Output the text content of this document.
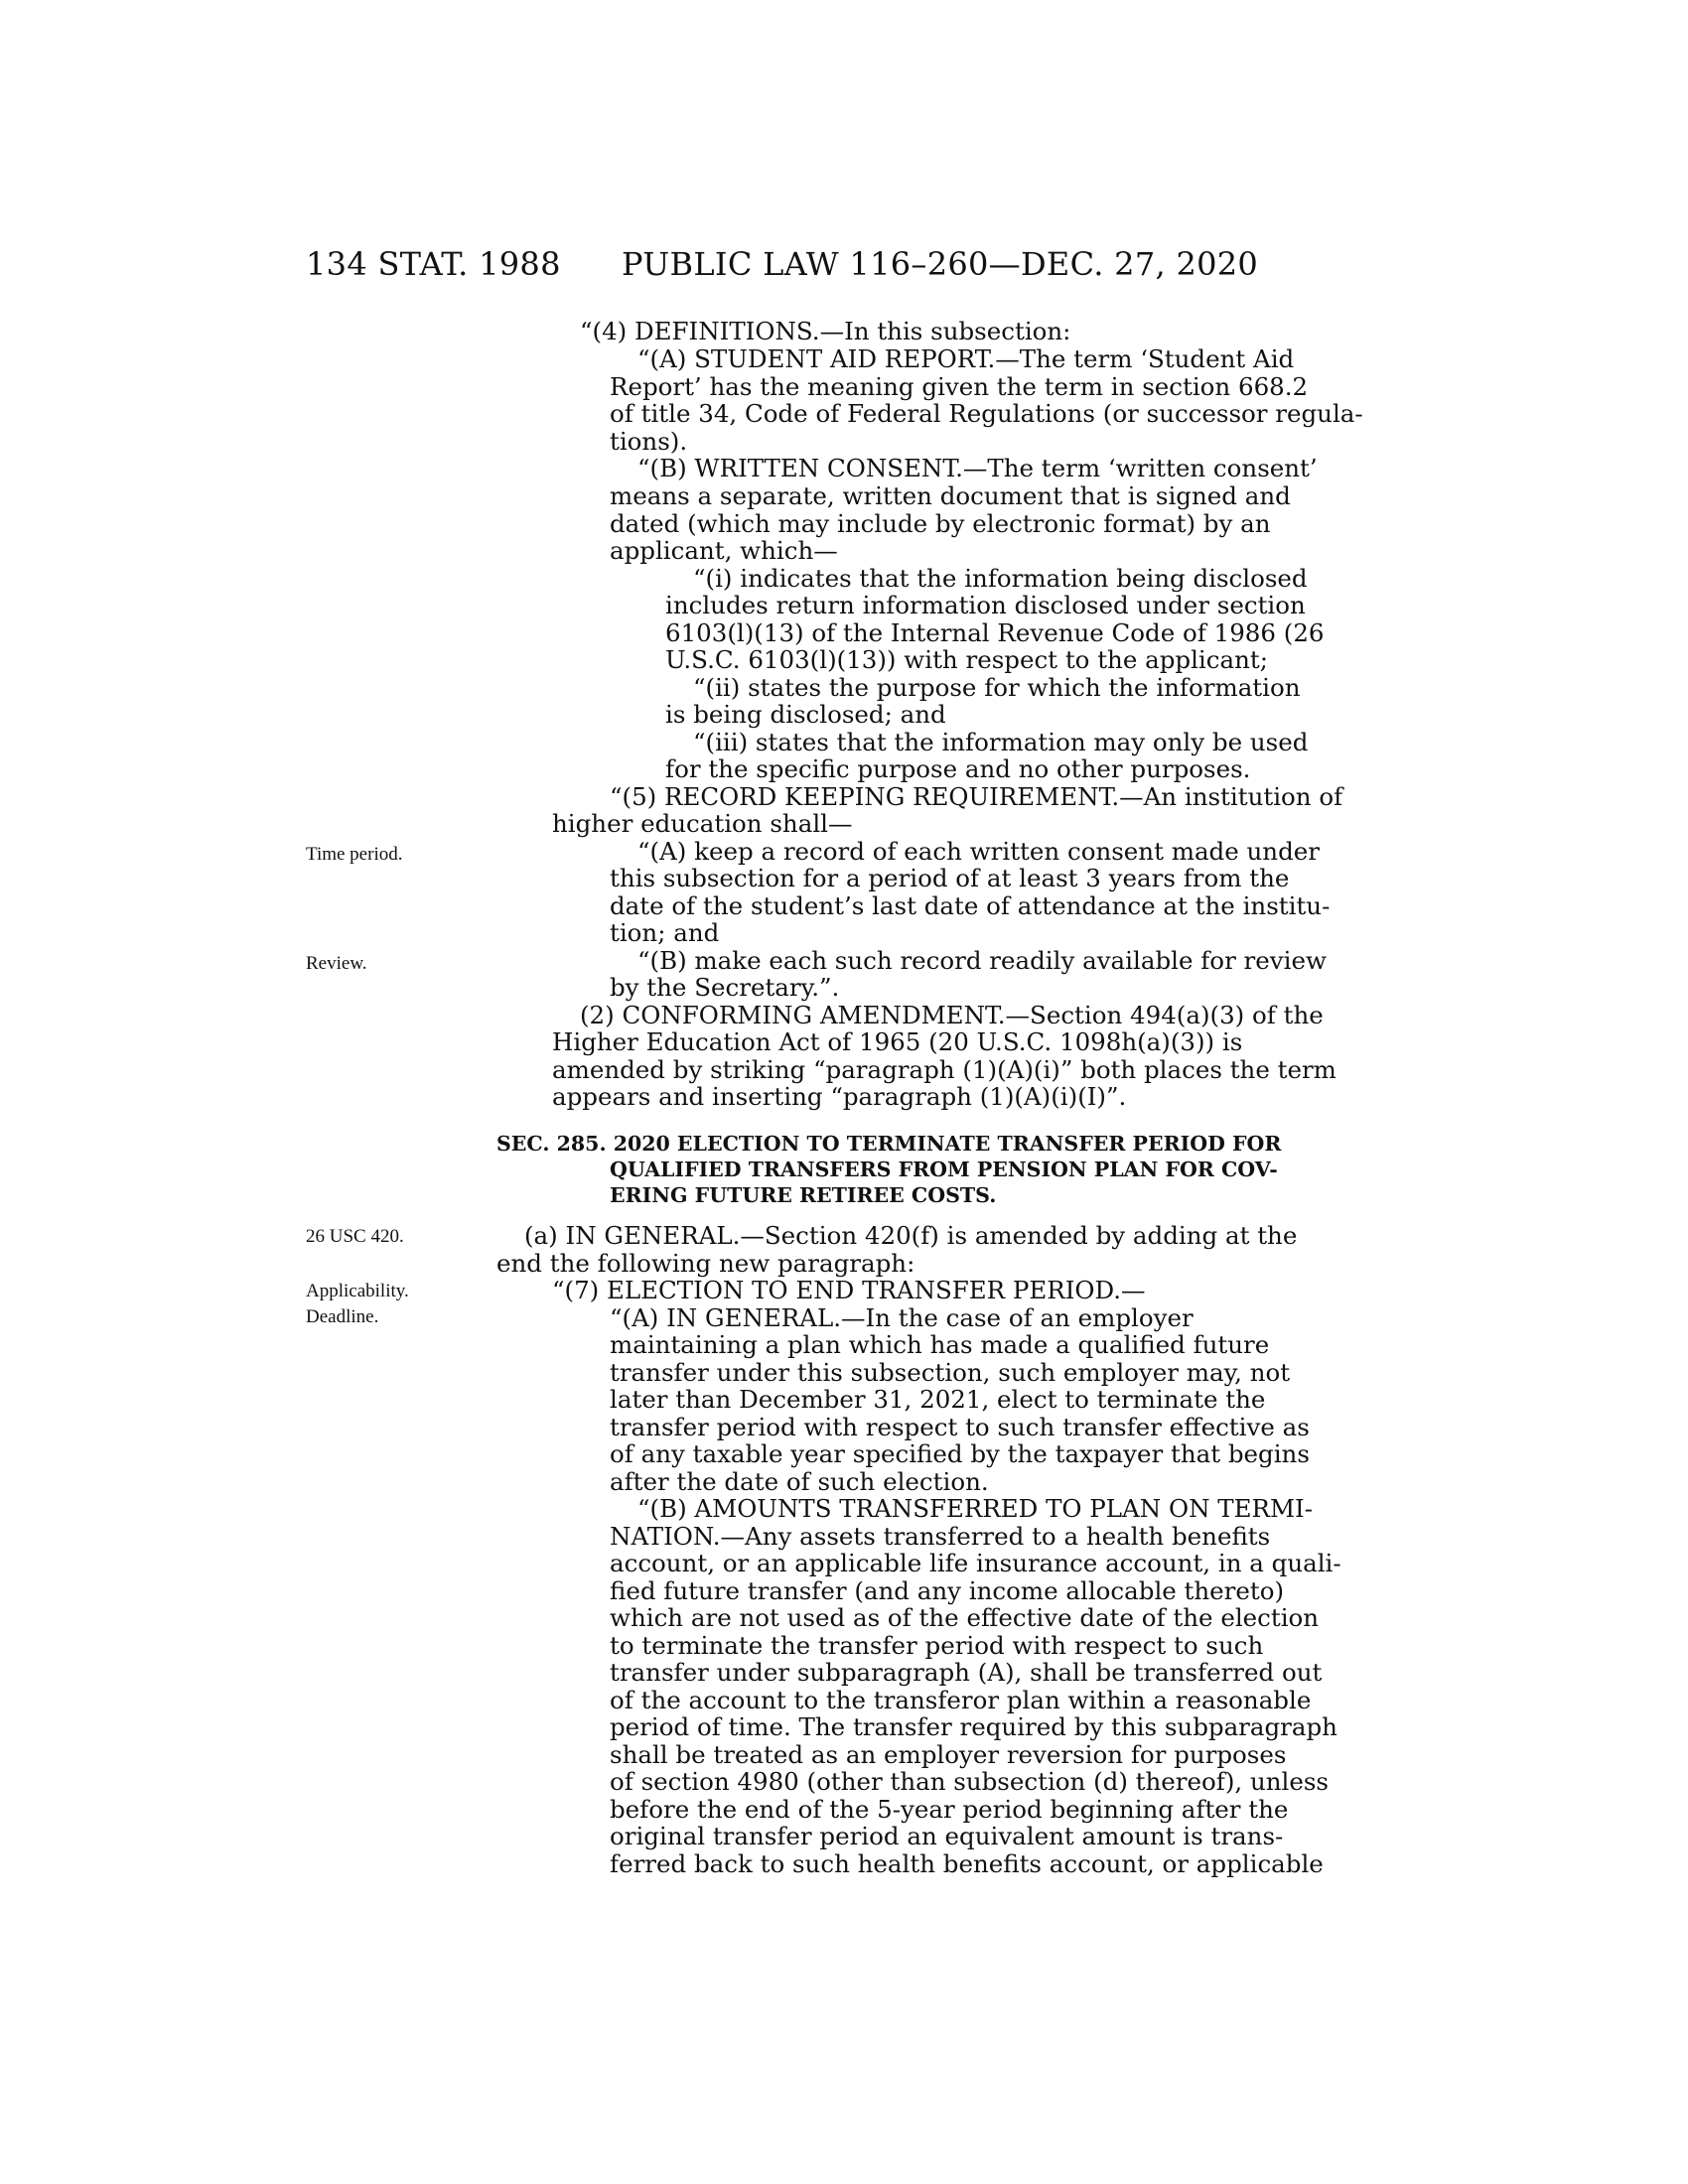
134 STAT. 1988 PUBLIC LAW 116–260—DEC. 27, 2020
Time period.
Review.
26 USC 420.
Applicability.
Deadline.
“(4) DEFINITIONS.—In this subsection:
“(A) STUDENT AID REPORT.—The term ‘Student Aid
Report’ has the meaning given the term in section 668.2
of title 34, Code of Federal Regulations (or successor regula-
tions).
“(B) WRITTEN CONSENT.—The term ‘written consent’
means a separate, written document that is signed and
dated (which may include by electronic format) by an
applicant, which—
“(i) indicates that the information being disclosed
includes return information disclosed under section
6103(l)(13) of the Internal Revenue Code of 1986 (26
U.S.C. 6103(l)(13)) with respect to the applicant;
“(ii) states the purpose for which the information
is being disclosed; and
“(iii) states that the information may only be used
for the specific purpose and no other purposes.
“(5) RECORD KEEPING REQUIREMENT.—An institution of
higher education shall—
“(A) keep a record of each written consent made under
this subsection for a period of at least 3 years from the
date of the student’s last date of attendance at the institu-
tion; and
“(B) make each such record readily available for review
by the Secretary.”.
(2) CONFORMING AMENDMENT.—Section 494(a)(3) of the
Higher Education Act of 1965 (20 U.S.C. 1098h(a)(3)) is
amended by striking “paragraph (1)(A)(i)” both places the term
appears and inserting “paragraph (1)(A)(i)(I)”.
SEC. 285. 2020 ELECTION TO TERMINATE TRANSFER PERIOD FOR
QUALIFIED TRANSFERS FROM PENSION PLAN FOR COV-
ERING FUTURE RETIREE COSTS.
(a) IN GENERAL.—Section 420(f) is amended by adding at the
end the following new paragraph:
“(7) ELECTION TO END TRANSFER PERIOD.—
“(A) IN GENERAL.—In the case of an employer
maintaining a plan which has made a qualified future
transfer under this subsection, such employer may, not
later than December 31, 2021, elect to terminate the
transfer period with respect to such transfer effective as
of any taxable year specified by the taxpayer that begins
after the date of such election.
“(B) AMOUNTS TRANSFERRED TO PLAN ON TERMI-
NATION.—Any assets transferred to a health benefits
account, or an applicable life insurance account, in a quali-
fied future transfer (and any income allocable thereto)
which are not used as of the effective date of the election
to terminate the transfer period with respect to such
transfer under subparagraph (A), shall be transferred out
of the account to the transferor plan within a reasonable
period of time. The transfer required by this subparagraph
shall be treated as an employer reversion for purposes
of section 4980 (other than subsection (d) thereof), unless
before the end of the 5-year period beginning after the
original transfer period an equivalent amount is trans-
ferred back to such health benefits account, or applicable
